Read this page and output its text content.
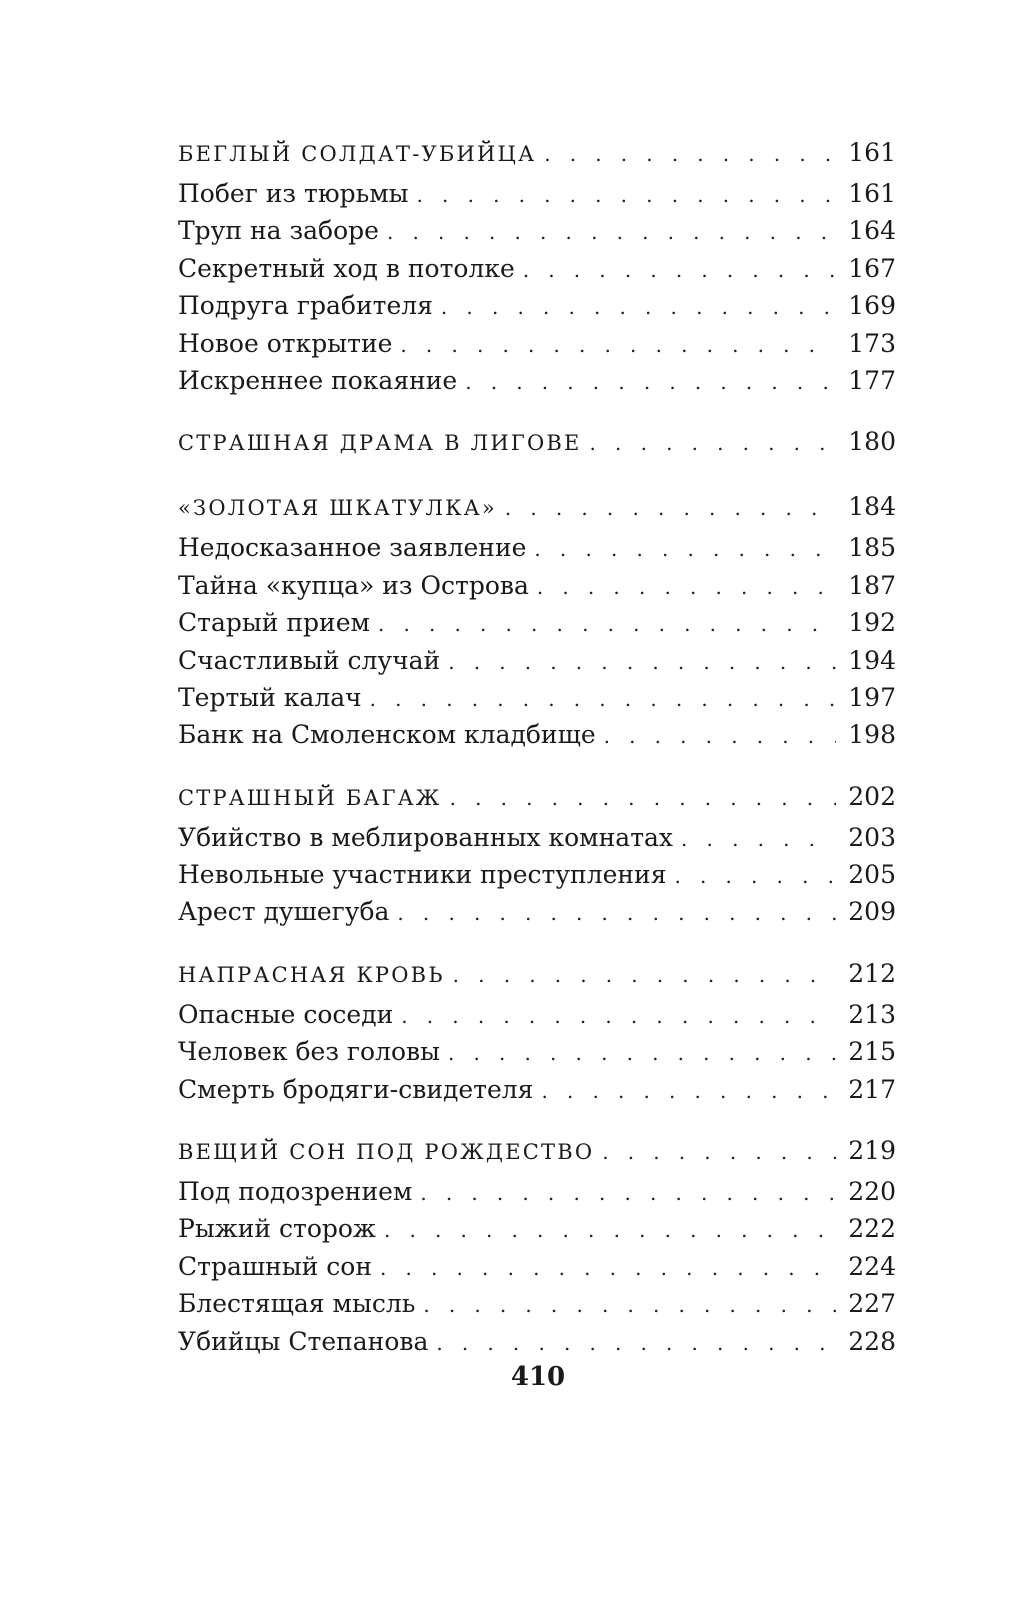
БЕГЛЫЙ СОЛДАТ-УБИЙЦА . . .	161
Побег из тюрьмы . . .	161
Труп на заборе . . .	164
Секретный ход в потолке . . .	167
Подруга грабителя . . .	169
Новое открытие . . .	173
Искреннее покаяние . . .	177
СТРАШНАЯ ДРАМА В ЛИГОВЕ . . .	180
«ЗОЛОТАЯ ШКАТУЛКА» . . .	184
Недосказанное заявление . . .	185
Тайна «купца» из Острова . . .	187
Старый прием . . .	192
Счастливый случай . . .	194
Тертый калач . . .	197
Банк на Смоленском кладбище . . .	198
СТРАШНЫЙ БАГАЖ . . .	202
Убийство в меблированных комнатах . . .	203
Невольные участники преступления . . .	205
Арест душегуба . . .	209
НАПРАСНАЯ КРОВЬ . . .	212
Опасные соседи . . .	213
Человек без головы . . .	215
Смерть бродяги-свидетеля . . .	217
ВЕЩИЙ СОН ПОД РОЖДЕСТВО . . .	219
Под подозрением . . .	220
Рыжий сторож . . .	222
Страшный сон . . .	224
Блестящая мысль . . .	227
Убийцы Степанова . . .	228
410
